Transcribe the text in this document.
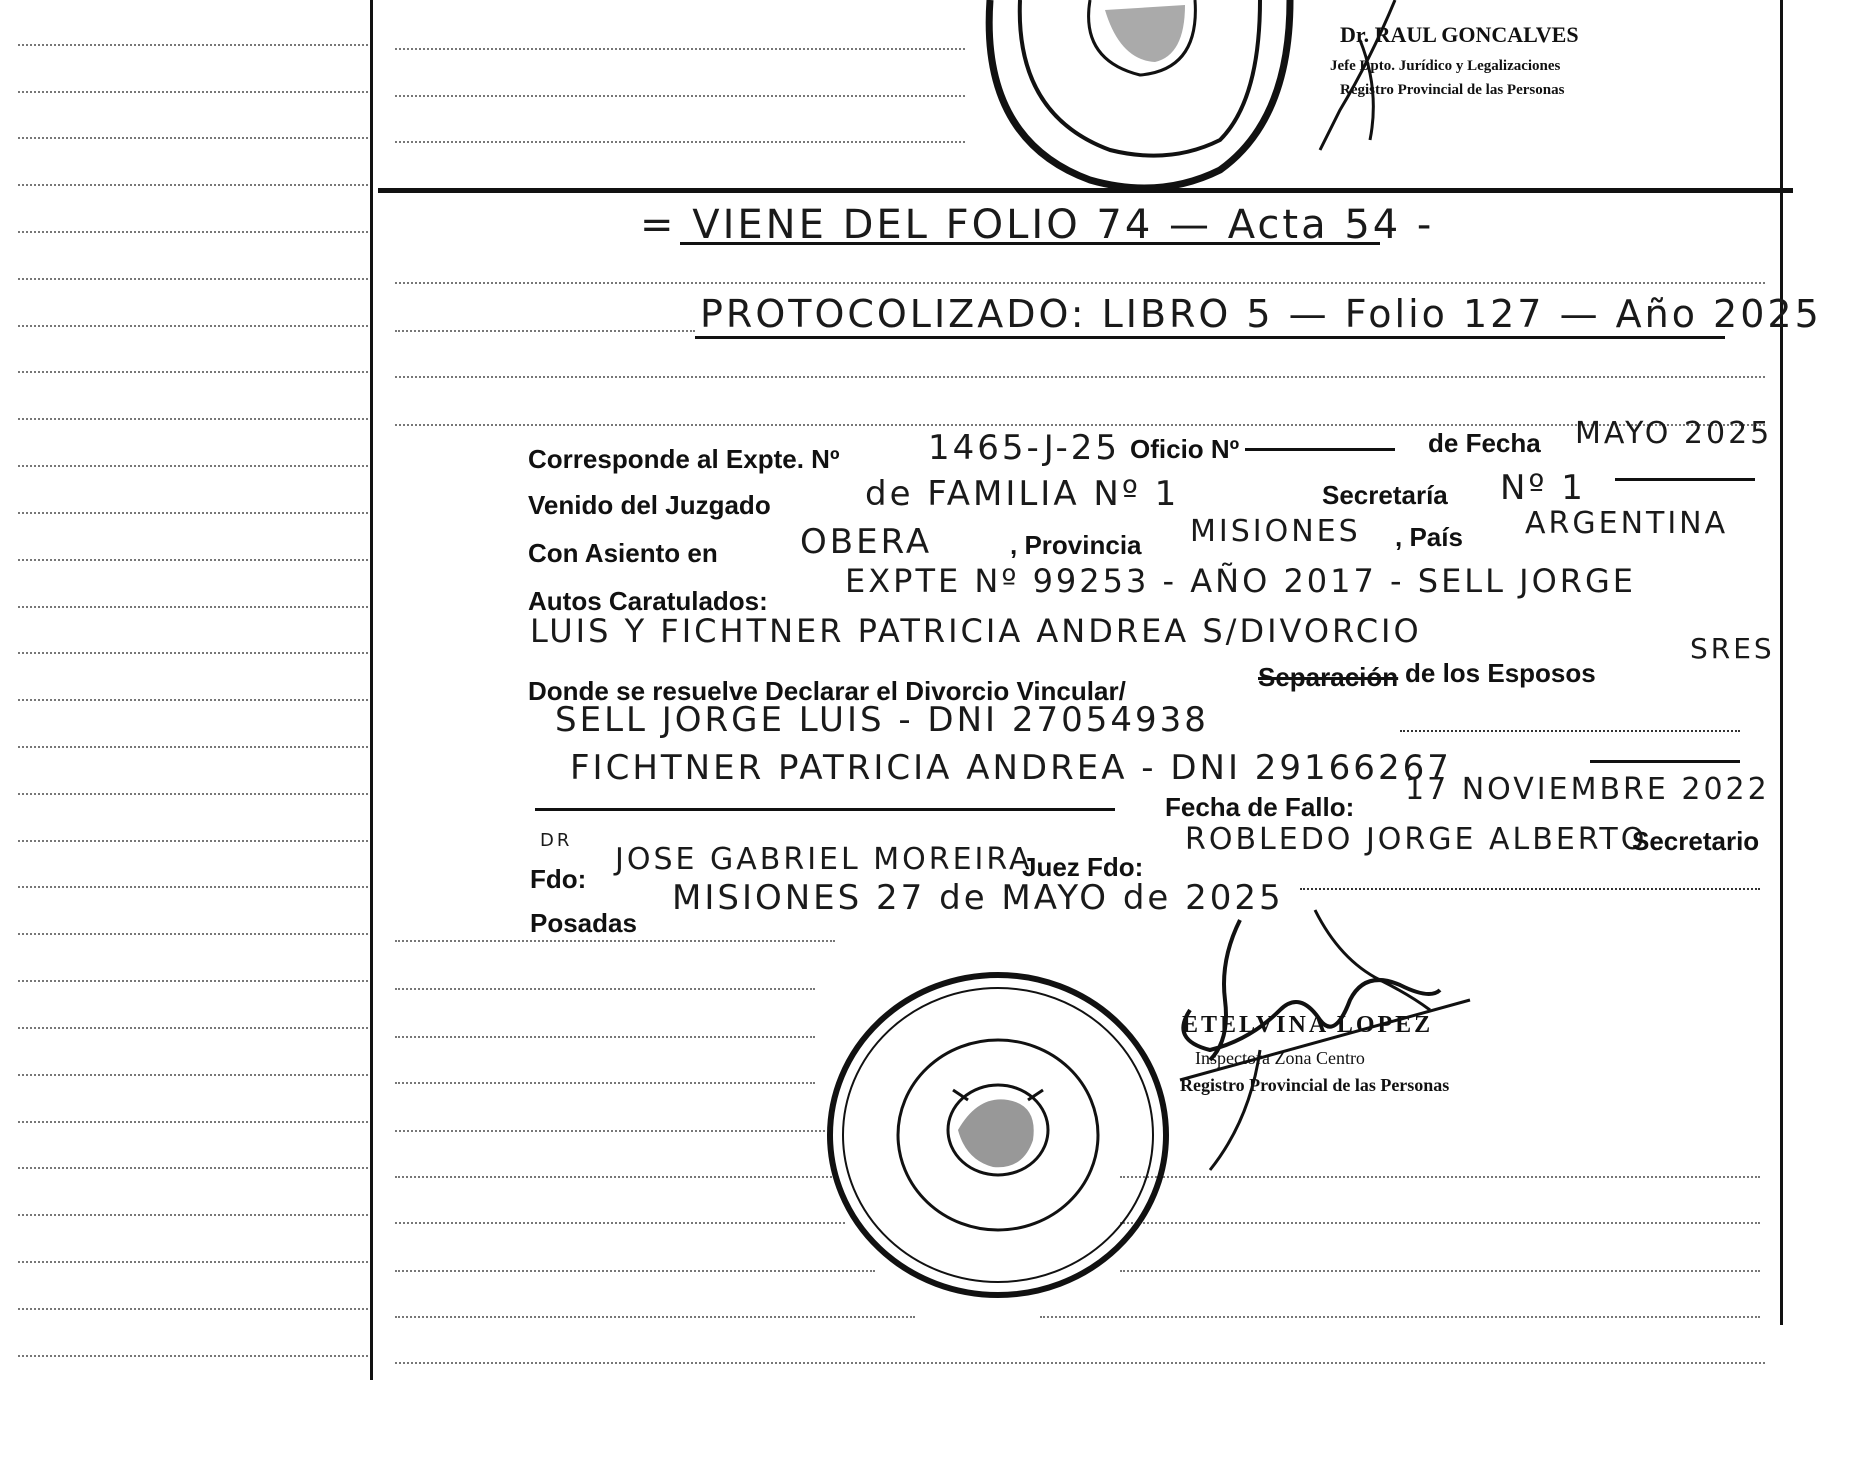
Dr. RAUL GONCALVES
Jefe Dpto. Jurídico y Legalizaciones
Registro Provincial de las Personas
= VIENE DEL FOLIO 74 — Acta 54 -
PROTOCOLIZADO: LIBRO 5 — Folio 127 — Año 2025
Corresponde al Expte. Nº	1465-J-25 Oficio Nº	de Fecha MAYO 2025
Venido del Juzgado	de FAMILIA Nº 1	Secretaría Nº 1
Con Asiento en OBERA	, Provincia MISIONES , País ARGENTINA
Autos Caratulados:
EXPTE Nº 99253 - AÑO 2017 - SELL JORGE
LUIS Y FICHTNER PATRICIA ANDREA S/DIVORCIO
Donde se resuelve Declarar el Divorcio Vincular/	Separación de los Esposos
SRES
SELL JORGE LUIS - DNI 27054938
FICHTNER PATRICIA ANDREA - DNI 29166267
Fecha de Fallo: 17 NOVIEMBRE 2022
DR
Fdo:
JOSE GABRIEL MOREIRA
Juez Fdo:
ROBLEDO JORGE ALBERTO
Secretario
Posadas
MISIONES 27 de MAYO de 2025
ETELVINA LOPEZ
Inspectora Zona Centro
Registro Provincial de las Personas
